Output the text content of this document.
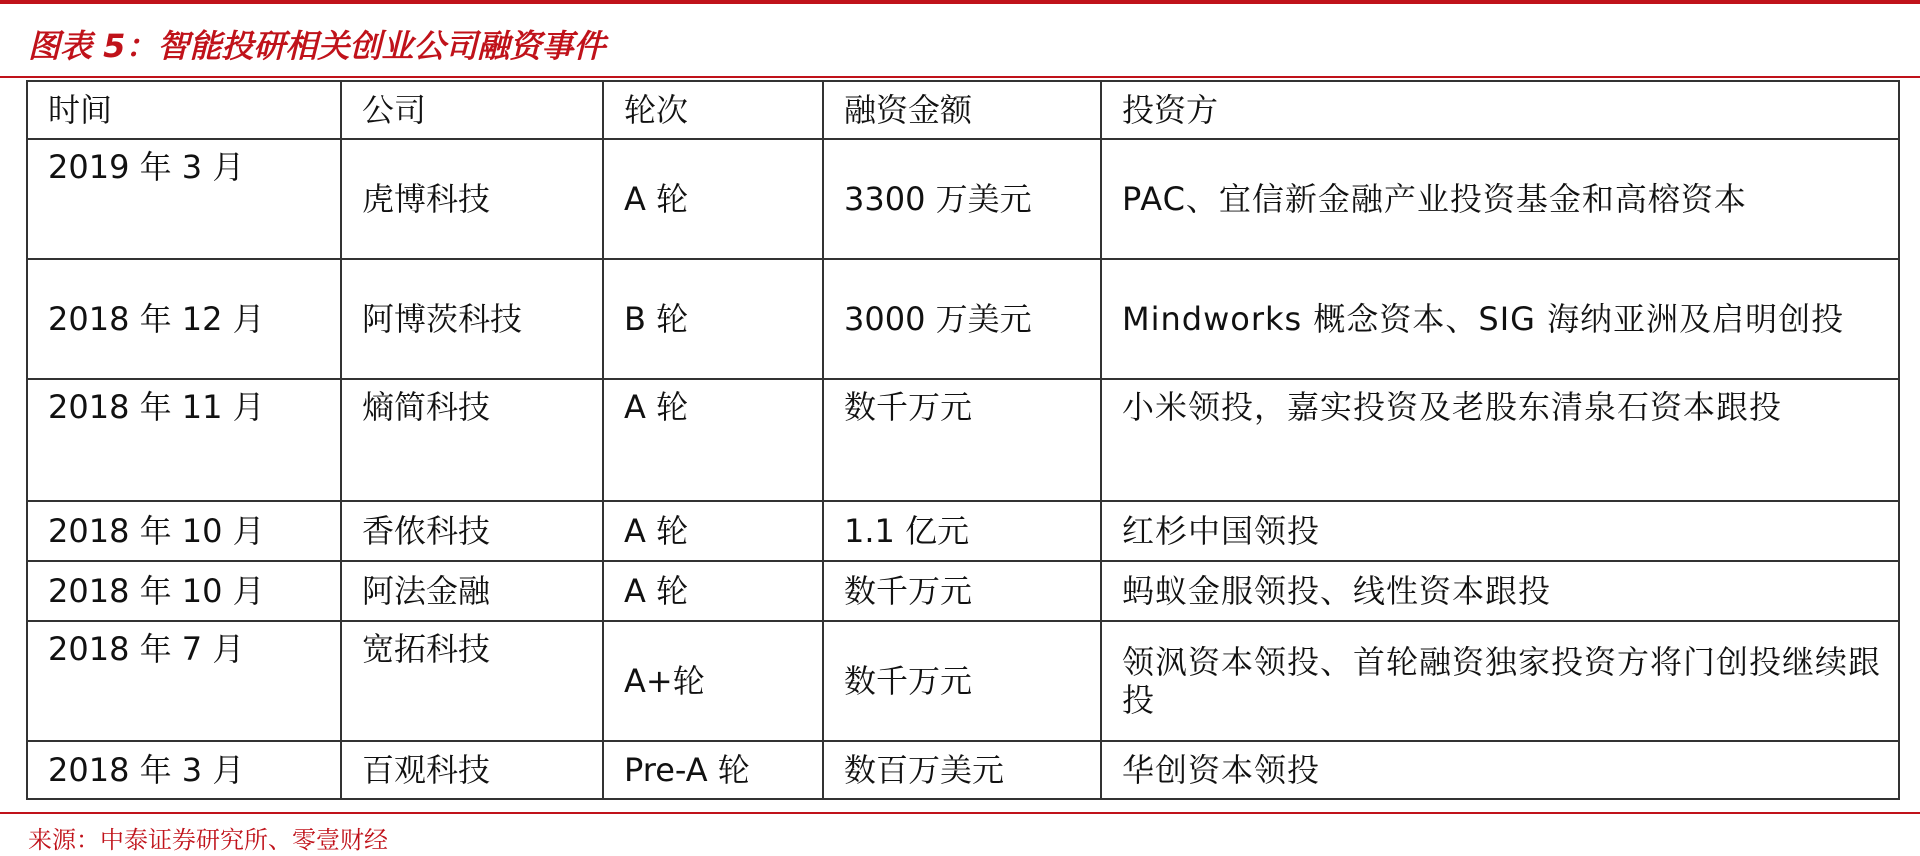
图表 5：智能投研相关创业公司融资事件
时间	公司	轮次	融资金额	投资方
2019 年 3 月	虎博科技	A 轮	3300 万美元	PAC、宜信新金融产业投资基金和高榕资本
2018 年 12 月	阿博茨科技	B 轮	3000 万美元	Mindworks 概念资本、SIG 海纳亚洲及启明创投
2018 年 11 月	熵简科技	A 轮	数千万元	小米领投，嘉实投资及老股东清泉石资本跟投
2018 年 10 月	香侬科技	A 轮	1.1 亿元	红杉中国领投
2018 年 10 月	阿法金融	A 轮	数千万元	蚂蚁金服领投、线性资本跟投
2018 年 7 月	宽拓科技	A+轮	数千万元	领沨资本领投、首轮融资独家投资方将门创投继续跟投
2018 年 3 月	百观科技	Pre-A 轮	数百万美元	华创资本领投
来源：中泰证券研究所、零壹财经
